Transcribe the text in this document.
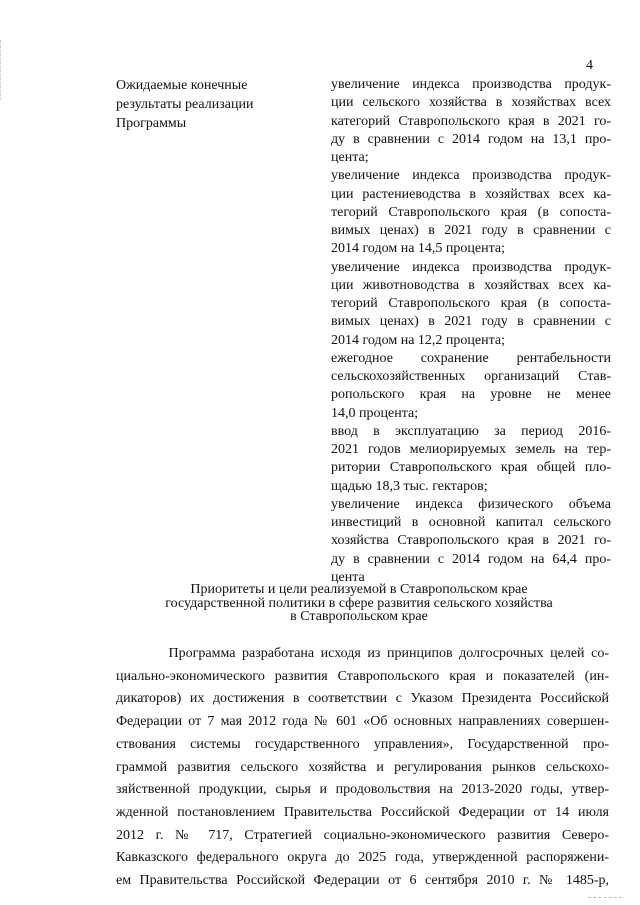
4
Ожидаемые конечные
результаты реализации
Программы
увеличение индекса производства продук-
ции сельского хозяйства в хозяйствах всех
категорий Ставропольского края в 2021 го-
ду в сравнении с 2014 годом на 13,1 про-
цента;
увеличение индекса производства продук-
ции растениеводства в хозяйствах всех ка-
тегорий Ставропольского края (в сопоста-
вимых ценах) в 2021 году в сравнении с
2014 годом на 14,5 процента;
увеличение индекса производства продук-
ции животноводства в хозяйствах всех ка-
тегорий Ставропольского края (в сопоста-
вимых ценах) в 2021 году в сравнении с
2014 годом на 12,2 процента;
ежегодное сохранение рентабельности
сельскохозяйственных организаций Став-
ропольского края на уровне не менее
14,0 процента;
ввод в эксплуатацию за период 2016-
2021 годов мелиорируемых земель на тер-
ритории Ставропольского края общей пло-
щадью 18,3 тыс. гектаров;
увеличение индекса физического объема
инвестиций в основной капитал сельского
хозяйства Ставропольского края в 2021 го-
ду в сравнении с 2014 годом на 64,4 про-
цента
Приоритеты и цели реализуемой в Ставропольском крае
государственной политики в сфере развития сельского хозяйства
в Ставропольском крае
Программа разработана исходя из принципов долгосрочных целей со-
циально-экономического развития Ставропольского края и показателей (ин-
дикаторов) их достижения в соответствии с Указом Президента Российской
Федерации от 7 мая 2012 года № 601 «Об основных направлениях совершен-
ствования системы государственного управления», Государственной про-
граммой развития сельского хозяйства и регулирования рынков сельскохо-
зяйственной продукции, сырья и продовольствия на 2013-2020 годы, утвер-
жденной постановлением Правительства Российской Федерации от 14 июля
2012 г. № 717, Стратегией социально-экономического развития Северо-
Кавказского федерального округа до 2025 года, утвержденной распоряжени-
ем Правительства Российской Федерации от 6 сентября 2010 г. № 1485-р,
